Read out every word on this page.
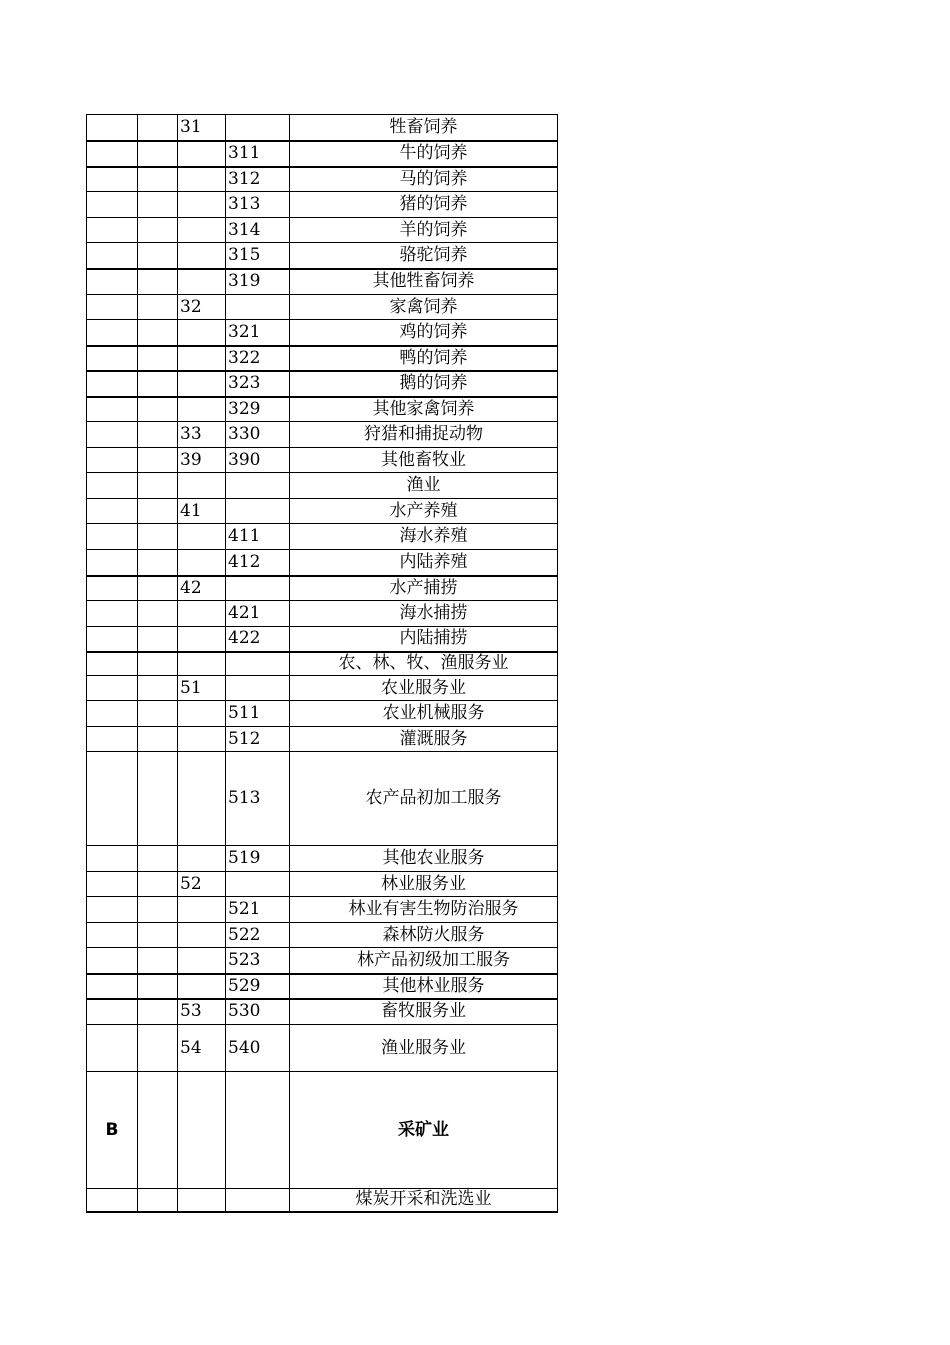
		31		牲畜饲养
			311	牛的饲养
			312	马的饲养
			313	猪的饲养
			314	羊的饲养
			315	骆驼饲养
			319	其他牲畜饲养
		32		家禽饲养
			321	鸡的饲养
			322	鸭的饲养
			323	鹅的饲养
			329	其他家禽饲养
		33	330	狩猎和捕捉动物
		39	390	其他畜牧业
				渔业
		41		水产养殖
			411	海水养殖
			412	内陆养殖
		42		水产捕捞
			421	海水捕捞
			422	内陆捕捞
				农、林、牧、渔服务业
		51		农业服务业
			511	农业机械服务
			512	灌溉服务
			513	农产品初加工服务
			519	其他农业服务
		52		林业服务业
			521	林业有害生物防治服务
			522	森林防火服务
			523	林产品初级加工服务
			529	其他林业服务
		53	530	畜牧服务业
		54	540	渔业服务业
B				采矿业
				煤炭开采和洗选业
